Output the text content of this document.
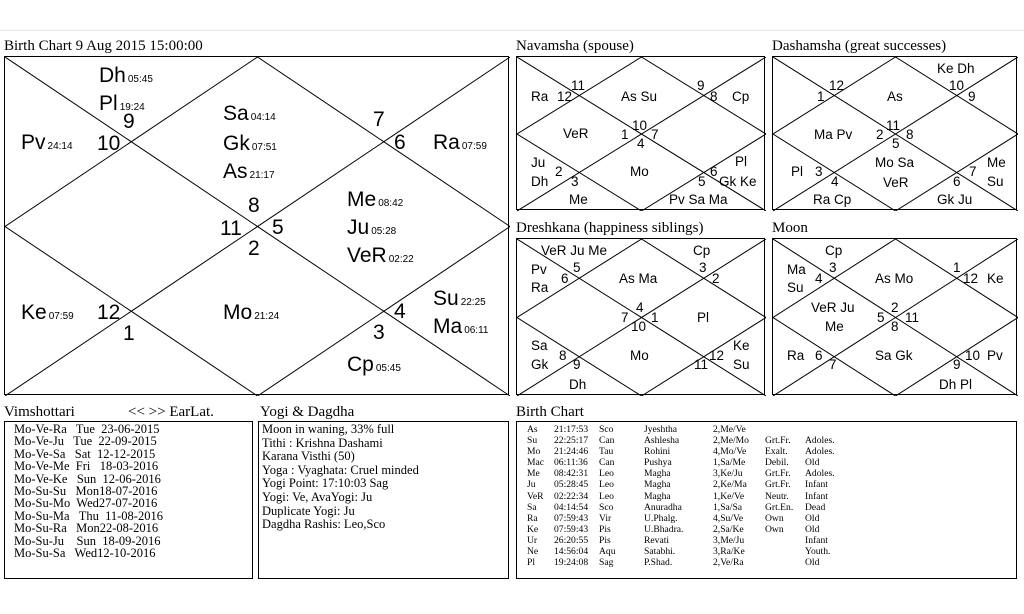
Birth Chart 9 Aug 2015 15:00:00
9
10
7
6
8
11 5
2
12
1
4
3
Dh 05:45
Pl 19:24
Pv 24:14
Sa 04:14
Gk 07:51
As 21:17
Ra 07:59
Me 08:42
Ju 05:28
VeR 02:22
Ke 07:59	Mo 21:24
Su 22:25
Ma 06:11
Cp 05:45
Navamsha (spouse)
Ra 12
11
As Su
9
8 Cp
10
VeR 1 7
4
Ju
Dh
2
3
Mo
Pl
5
6
Gk Ke
Me	Pv Sa Ma
Dashamsha (great successes)
Ke Dh
1
12
As
10
9
11
Ma Pv 2 8
5
Mo Sa
VeR
Me
Pl 3
4
7
6 Su
Ra Cp	Gk Ju
Dreshkana (happiness siblings)
VeR Ju Me	Cp
Pv 5
Ra
6	As Ma
3
2
4
7 1
10
Pl
Sa
8
Gk 9
Mo
Ke
12
11 Su
Dh
Moon
Cp
Ma 3
Su
4	As Mo
1
12 Ke
VeR Ju
Me
2
5 11
8
Ra 6
7
Sa Gk	10 Pv
9
Dh Pl
Vimshottari	<< >> EarLat.
Mo-Ve-Ra   Tue  23-06-2015
Mo-Ve-Ju   Tue  22-09-2015
Mo-Ve-Sa   Sat  12-12-2015
Mo-Ve-Me  Fri   18-03-2016
Mo-Ve-Ke   Sun  12-06-2016
Mo-Su-Su   Mon18-07-2016
Mo-Su-Mo  Wed27-07-2016
Mo-Su-Ma   Thu  11-08-2016
Mo-Su-Ra   Mon22-08-2016
Mo-Su-Ju    Sun  18-09-2016
Mo-Su-Sa   Wed12-10-2016
Yogi & Dagdha
Moon in waning, 33% full
Tithi : Krishna Dashami
Karana Visthi (50)
Yoga : Vyaghata: Cruel minded
Yogi Point: 17:10:03 Sag
Yogi: Ve, AvaYogi: Ju
Duplicate Yogi: Ju
Dagdha Rashis: Leo,Sco
Birth Chart
As 21:17:53 Sco	Jyeshtha	2,Me/Ve
Su 22:25:17 Can	Ashlesha	2,Me/Mo Grt.Fr. Adoles.
Mo 21:24:46 Tau	Rohini	4,Mo/Ve Exalt. Adoles.
Mac 06:11:36 Can	Pushya	1,Sa/Me Debil. Old
Me 08:42:31 Leo	Magha	3,Ke/Ju Grt.Fr. Adoles.
Ju 05:28:45 Leo	Magha	2,Ke/Ma Grt.Fr. Infant
VeR 02:22:34 Leo	Magha	1,Ke/Ve Neutr. Infant
Sa 04:14:54 Sco	Anuradha	1,Sa/Sa Grt.En. Dead
Ra 07:59:43 Vir	U.Phalg.	4,Su/Ve Own Old
Ke 07:59:43 Pis	U.Bhadra.	2,Sa/Ke Own Old
Ur 26:20:55 Pis	Revati	3,Me/Ju	Infant
Ne 14:56:04 Aqu	Satabhi.	3,Ra/Ke	Youth.
Pl 19:24:08 Sag	P.Shad.	2,Ve/Ra	Old
